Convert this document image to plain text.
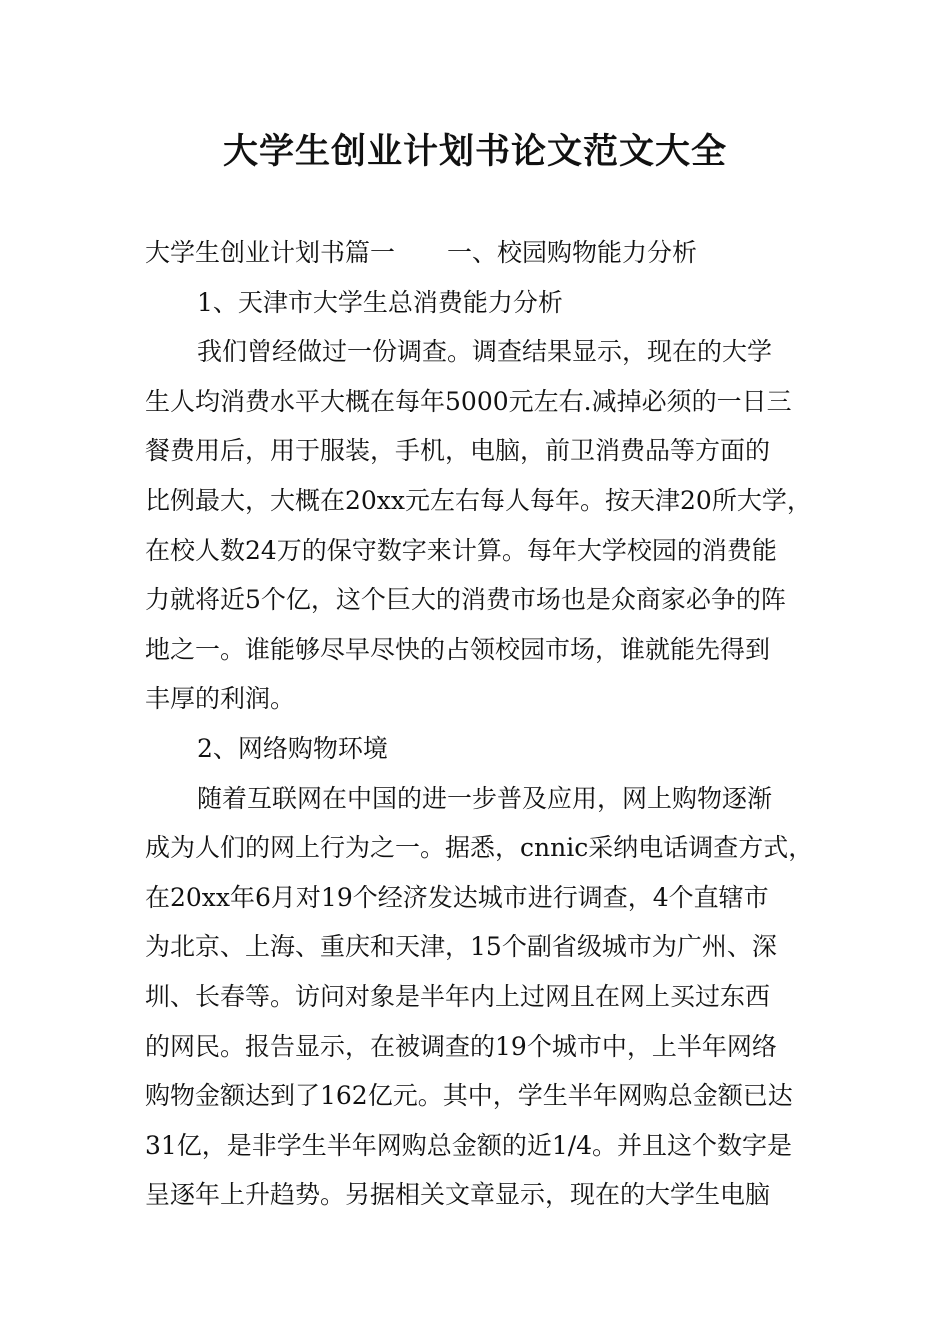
大学生创业计划书论文范文大全
大学生创业计划书篇一 一、校园购物能力分析
1、天津市大学生总消费能力分析
我们曾经做过一份调查。调查结果显示，现在的大学
生人均消费水平大概在每年5000元左右.减掉必须的一日三
餐费用后，用于服装，手机，电脑，前卫消费品等方面的
比例最大，大概在20xx元左右每人每年。按天津20所大学，
在校人数24万的保守数字来计算。每年大学校园的消费能
力就将近5个亿，这个巨大的消费市场也是众商家必争的阵
地之一。谁能够尽早尽快的占领校园市场，谁就能先得到
丰厚的利润。
2、网络购物环境
随着互联网在中国的进一步普及应用，网上购物逐渐
成为人们的网上行为之一。据悉，cnnic采纳电话调查方式，
在20xx年6月对19个经济发达城市进行调查，4个直辖市
为北京、上海、重庆和天津，15个副省级城市为广州、深
圳、长春等。访问对象是半年内上过网且在网上买过东西
的网民。报告显示，在被调查的19个城市中，上半年网络
购物金额达到了162亿元。其中，学生半年网购总金额已达
31亿，是非学生半年网购总金额的近1/4。并且这个数字是
呈逐年上升趋势。另据相关文章显示，现在的大学生电脑
